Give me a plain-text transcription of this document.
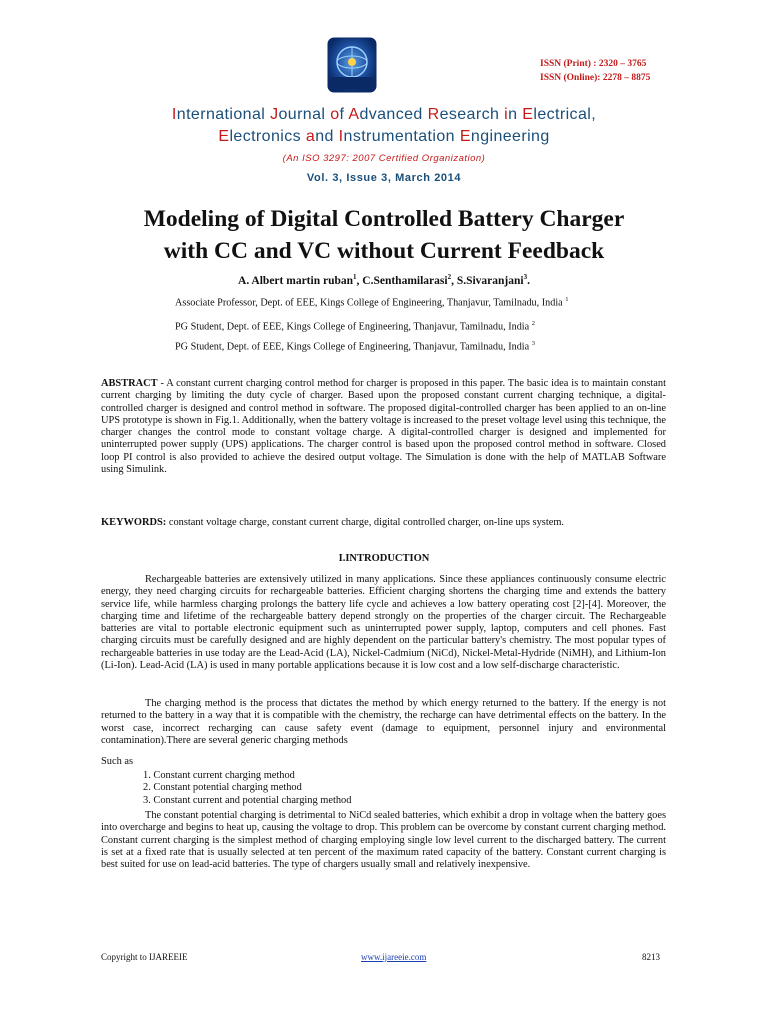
ISSN (Print) : 2320 – 3765
ISSN (Online): 2278 – 8875
International Journal of Advanced Research in Electrical,
Electronics and Instrumentation Engineering
(An ISO 3297: 2007 Certified Organization)
Vol. 3, Issue 3, March 2014
Modeling of Digital Controlled Battery Charger
with CC and VC without Current Feedback
A. Albert martin ruban$^1$, C.Senthamilarasi$^2$, S.Sivaranjani$^3$.
Associate Professor, Dept. of EEE, Kings College of Engineering, Thanjavur, Tamilnadu, India $^1$
PG Student, Dept. of EEE, Kings College of Engineering, Thanjavur, Tamilnadu, India $^2$
PG Student, Dept. of EEE, Kings College of Engineering, Thanjavur, Tamilnadu, India $^3$
ABSTRACT - A constant current charging control method for charger is proposed in this paper. The basic idea is to maintain constant current charging by limiting the duty cycle of charger. Based upon the proposed constant current charging technique, a digital-controlled charger is designed and control method in software. The proposed digital-controlled charger has been applied to an on-line UPS prototype is shown in Fig.1. Additionally, when the battery voltage is increased to the preset voltage level using this technique, the charger changes the control mode to constant voltage charge. A digital-controlled charger is designed and implemented for uninterrupted power supply (UPS) applications. The charger control is based upon the proposed control method in software. Closed loop PI control is also provided to achieve the desired output voltage. The Simulation is done with the help of MATLAB Software using Simulink.
KEYWORDS: constant voltage charge, constant current charge, digital controlled charger, on-line ups system.
I.INTRODUCTION
Rechargeable batteries are extensively utilized in many applications. Since these appliances continuously consume electric energy, they need charging circuits for rechargeable batteries. Efficient charging shortens the charging time and extends the battery service life, while harmless charging prolongs the battery life cycle and achieves a low battery operating cost [2]-[4]. Moreover, the charging time and lifetime of the rechargeable battery depend strongly on the properties of the charger circuit. The Rechargeable batteries are vital to portable electronic equipment such as uninterrupted power supply, laptop, computers and cell phones. Fast charging circuits must be carefully designed and are highly dependent on the particular battery's chemistry. The most popular types of rechargeable batteries in use today are the Lead-Acid (LA), Nickel-Cadmium (NiCd), Nickel-Metal-Hydride (NiMH), and Lithium-Ion (Li-Ion). Lead-Acid (LA) is used in many portable applications because it is low cost and a low self-discharge characteristic.
The charging method is the process that dictates the method by which energy returned to the battery. If the energy is not returned to the battery in a way that it is compatible with the chemistry, the recharge can have detrimental effects on the battery. In the worst case, incorrect recharging can cause safety event (damage to equipment, personnel injury and environmental contamination).There are several generic charging methods
Such as
1. Constant current charging method
2. Constant potential charging method
3. Constant current and potential charging method
The constant potential charging is detrimental to NiCd sealed batteries, which exhibit a drop in voltage when the battery goes into overcharge and begins to heat up, causing the voltage to drop. This problem can be overcome by constant current charging method. Constant current charging is the simplest method of charging employing single low level current to the discharged battery. The current is set at a fixed rate that is usually selected at ten percent of the maximum rated capacity of the battery. Constant current charging is best suited for use on lead-acid batteries. The type of chargers usually small and relatively inexpensive.
Copyright to IJAREEIE	www.ijareeie.com	8213
